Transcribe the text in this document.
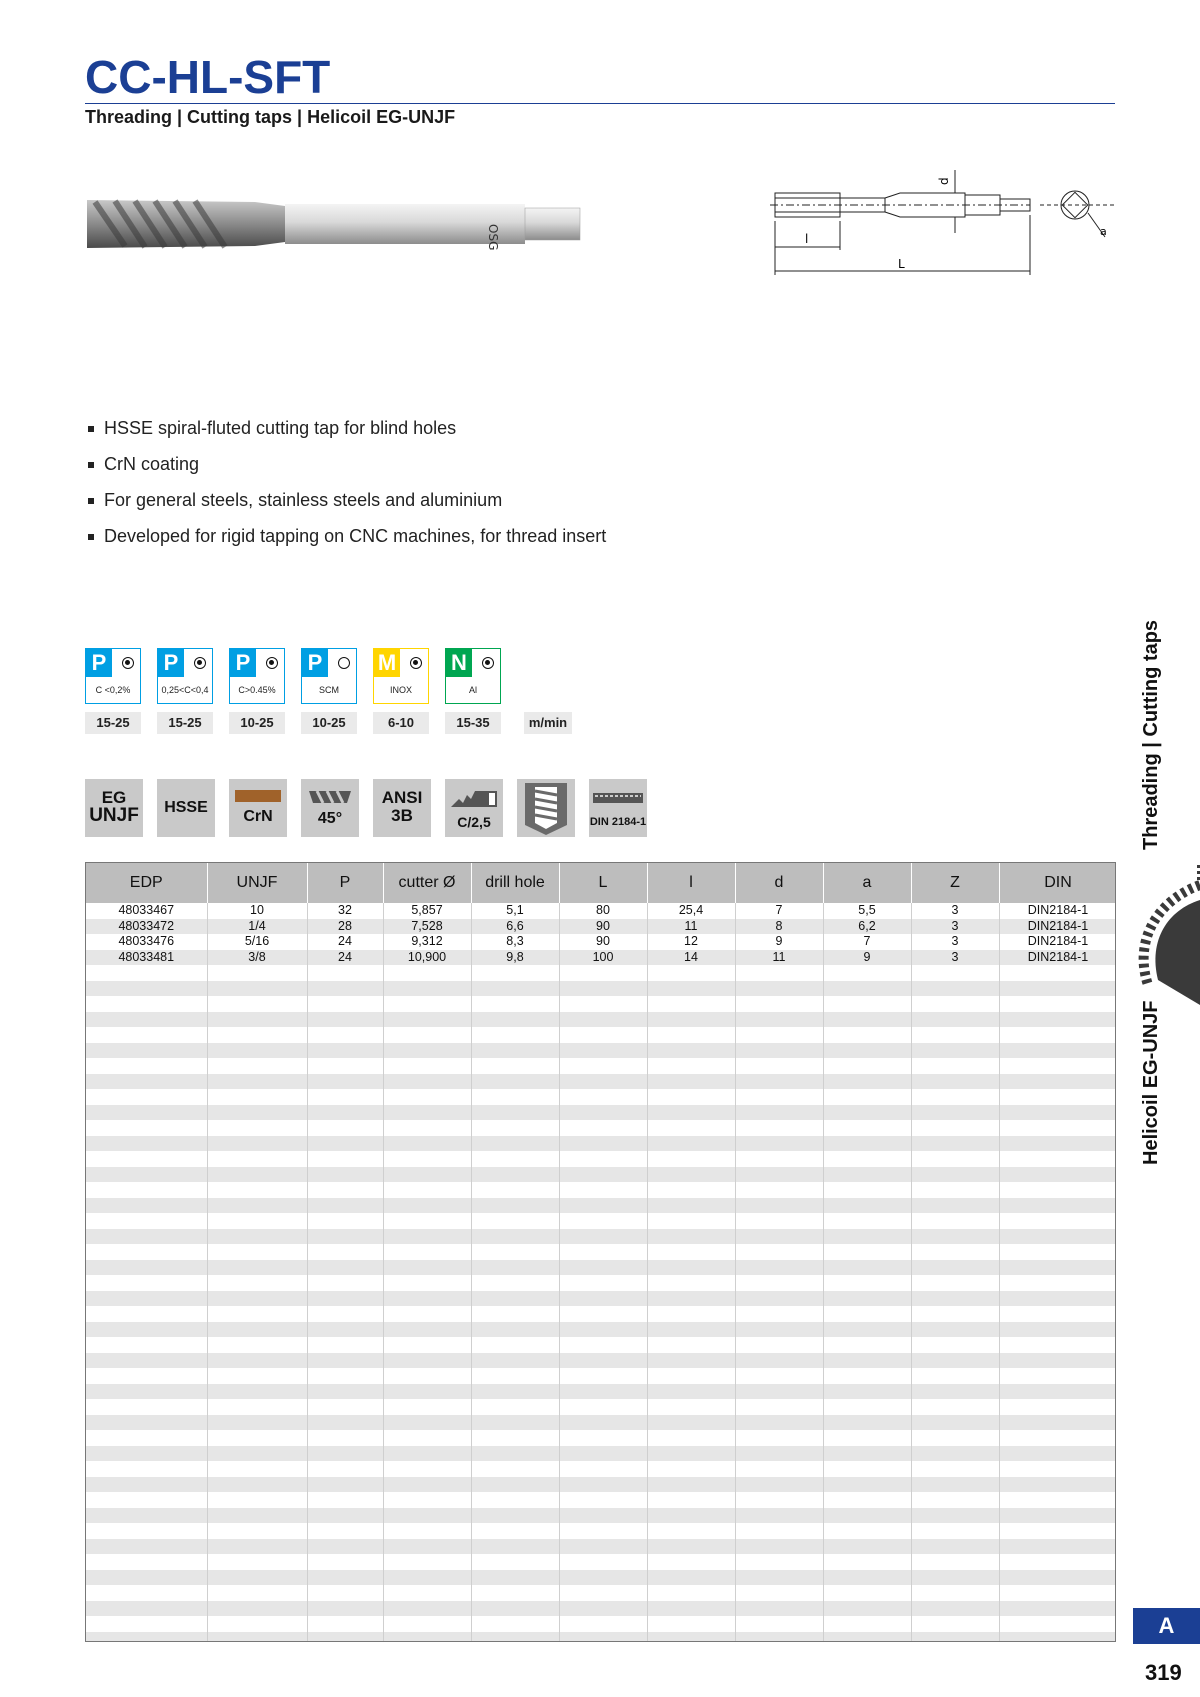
CC-HL-SFT
Threading | Cutting taps | Helicoil EG-UNJF
OSG
d
l
L
a
HSSE spiral-fluted cutting tap for blind holes
CrN coating
For general steels, stainless steels and aluminium
Developed for rigid tapping on CNC machines, for thread insert
P
C <0,2%
15-25
P
0,25<C<0,4
15-25
P
C>0.45%
10-25
P
SCM
10-25
M
INOX
6-10
N
Al
15-35	m/min
EG
UNJF	HSSE
CrN	45°
ANSI
3B	C/2,5	DIN 2184-1
EDP	UNJF	P	cutter Ø	drill hole	L	l	d	a	Z	DIN
48033467	10	32	5,857	5,1	80	25,4	7	5,5	3	DIN2184-1
48033472	1/4	28	7,528	6,6	90	11	8	6,2	3	DIN2184-1
48033476	5/16	24	9,312	8,3	90	12	9	7	3	DIN2184-1
48033481	3/8	24	10,900	9,8	100	14	11	9	3	DIN2184-1

Threading | Cutting taps
Helicoil EG-UNJF
A
319
